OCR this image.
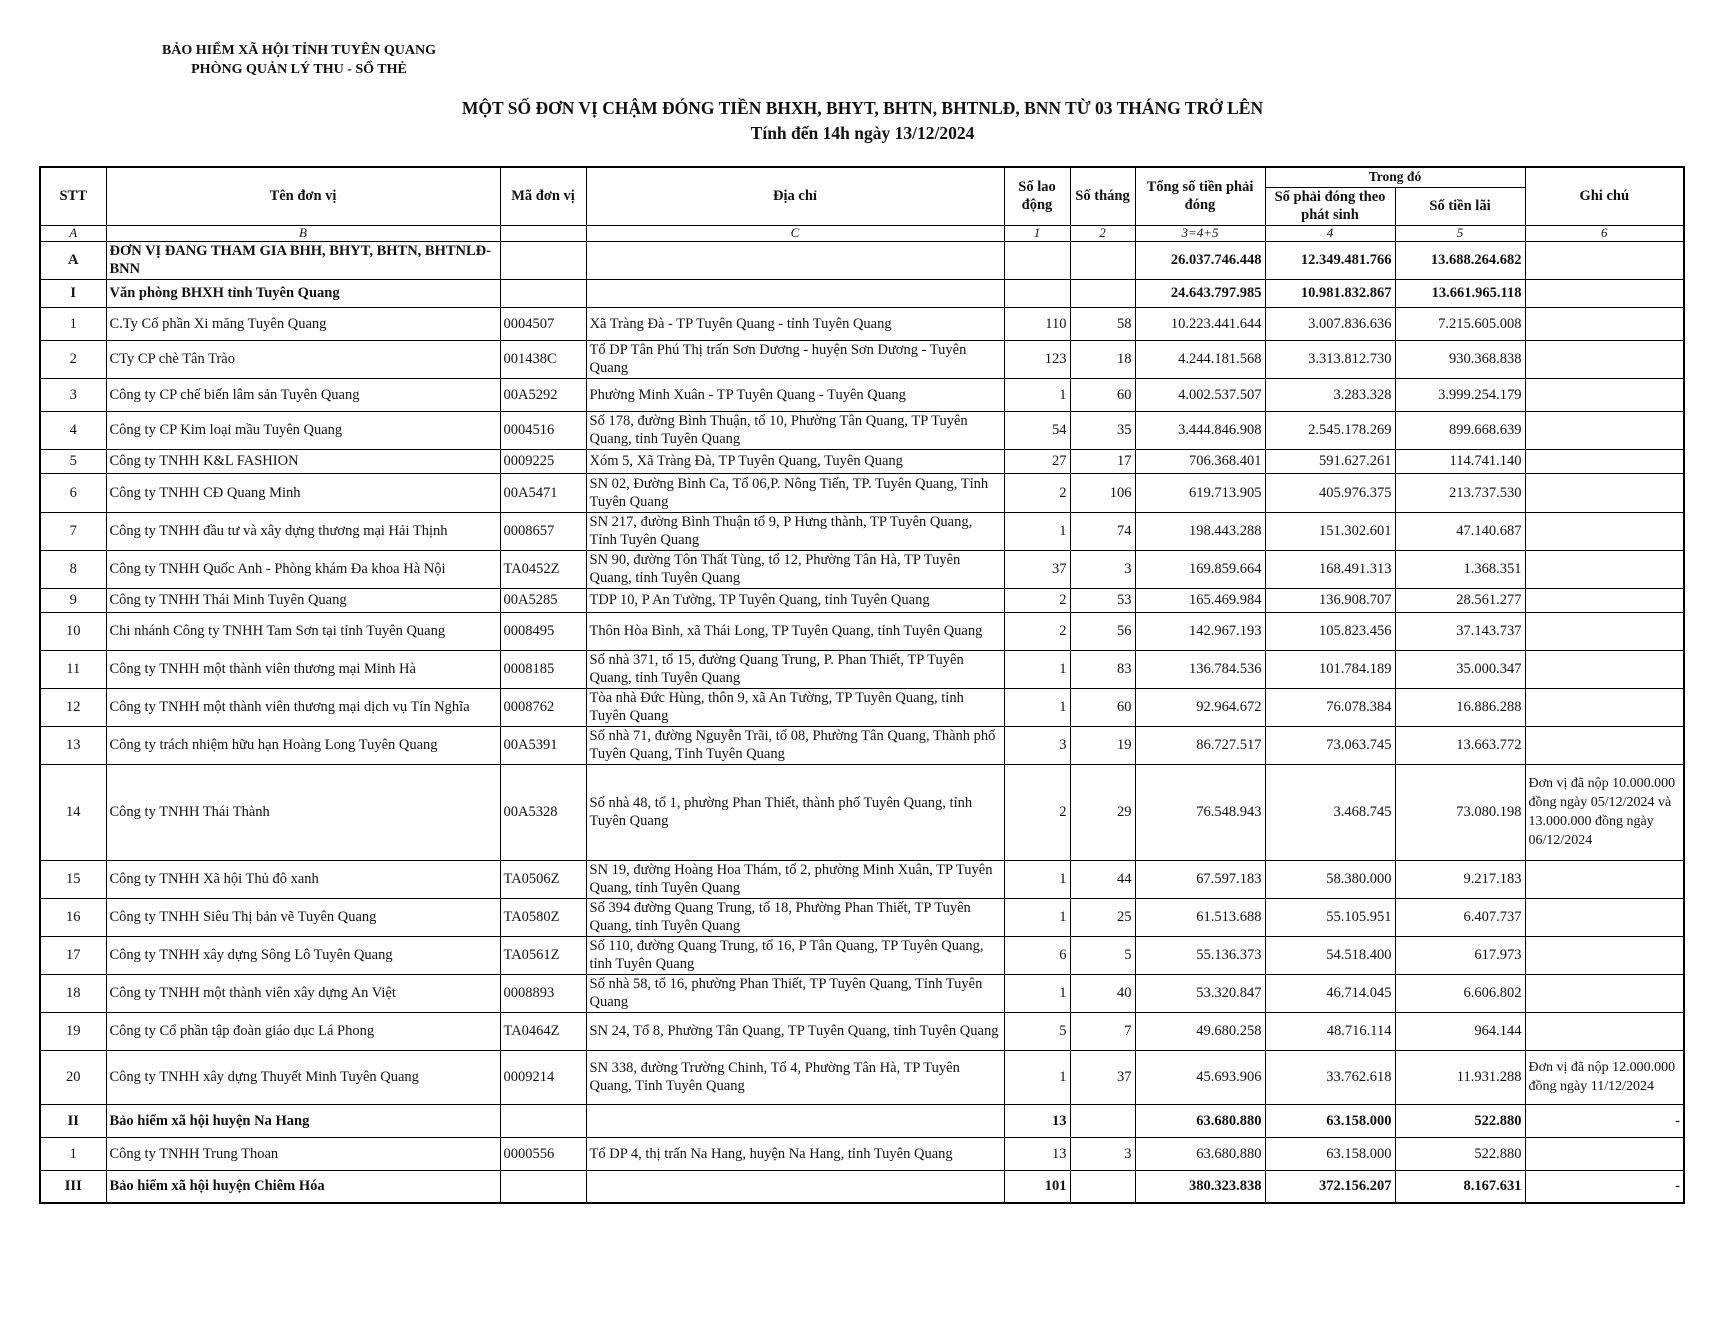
BẢO HIỂM XÃ HỘI TỈNH TUYÊN QUANG
PHÒNG QUẢN LÝ THU - SỔ THẺ
MỘT SỐ ĐƠN VỊ CHẬM ĐÓNG TIỀN BHXH, BHYT, BHTN, BHTNLĐ, BNN TỪ 03 THÁNG TRỞ LÊN
Tính đến 14h ngày 13/12/2024
STT	Tên đơn vị	Mã đơn vị	Địa chỉ	Số lao động	Số tháng	Tổng số tiền phải đóng	Trong đó		Ghi chú
							Số phải đóng theo phát sinh	Số tiền lãi	
A	B		C	1	2	3=4+5	4	5	6
A	ĐƠN VỊ ĐANG THAM GIA BHH, BHYT, BHTN, BHTNLĐ-BNN					26.037.746.448	12.349.481.766	13.688.264.682	
I	Văn phòng BHXH tỉnh Tuyên Quang					24.643.797.985	10.981.832.867	13.661.965.118	
1	C.Ty Cổ phần Xi măng Tuyên Quang	0004507	Xã Tràng Đà - TP Tuyên Quang - tỉnh Tuyên Quang	110	58	10.223.441.644	3.007.836.636	7.215.605.008	
2	CTy CP chè Tân Trào	001438C	Tổ DP Tân Phú Thị trấn Sơn Dương - huyện Sơn Dương - Tuyên Quang	123	18	4.244.181.568	3.313.812.730	930.368.838	
3	Công ty CP chế biến lâm sản Tuyên Quang	00A5292	Phường Minh Xuân - TP Tuyên Quang - Tuyên Quang	1	60	4.002.537.507	3.283.328	3.999.254.179	
4	Công ty CP Kim loại mầu Tuyên Quang	0004516	Số 178, đường Bình Thuận, tổ 10, Phường Tân Quang, TP Tuyên Quang, tỉnh Tuyên Quang	54	35	3.444.846.908	2.545.178.269	899.668.639	
5	Công ty TNHH K&L FASHION	0009225	Xóm 5, Xã Tràng Đà, TP Tuyên Quang, Tuyên Quang	27	17	706.368.401	591.627.261	114.741.140	
6	Công ty TNHH CĐ Quang Minh	00A5471	SN 02, Đường Bình Ca, Tổ 06,P. Nông Tiến, TP. Tuyên Quang, Tỉnh Tuyên Quang	2	106	619.713.905	405.976.375	213.737.530	
7	Công ty TNHH đầu tư và xây dựng thương mại Hải Thịnh	0008657	SN 217, đường Bình Thuận tổ 9, P Hưng thành, TP Tuyên Quang, Tỉnh Tuyên Quang	1	74	198.443.288	151.302.601	47.140.687	
8	Công ty TNHH Quốc Anh - Phòng khám Đa khoa Hà Nội	TA0452Z	SN 90, đường Tôn Thất Tùng, tổ 12, Phường Tân Hà, TP Tuyên Quang, tỉnh Tuyên Quang	37	3	169.859.664	168.491.313	1.368.351	
9	Công ty TNHH Thái Minh Tuyên Quang	00A5285	TDP 10, P An Tường, TP Tuyên Quang, tỉnh Tuyên Quang	2	53	165.469.984	136.908.707	28.561.277	
10	Chi nhánh Công ty TNHH Tam Sơn tại tỉnh Tuyên Quang	0008495	Thôn Hòa Bình, xã Thái Long, TP Tuyên Quang, tỉnh Tuyên Quang	2	56	142.967.193	105.823.456	37.143.737	
11	Công ty TNHH một thành viên thương mại Minh Hà	0008185	Số nhà 371, tổ 15, đường Quang Trung, P. Phan Thiết, TP Tuyên Quang, tỉnh Tuyên Quang	1	83	136.784.536	101.784.189	35.000.347	
12	Công ty TNHH một thành viên thương mại dịch vụ Tín Nghĩa	0008762	Tòa nhà Đức Hùng, thôn 9, xã An Tường, TP Tuyên Quang, tỉnh Tuyên Quang	1	60	92.964.672	76.078.384	16.886.288	
13	Công ty trách nhiệm hữu hạn Hoàng Long Tuyên Quang	00A5391	Số nhà 71, đường Nguyễn Trãi, tổ 08, Phường Tân Quang, Thành phố Tuyên Quang, Tỉnh Tuyên Quang	3	19	86.727.517	73.063.745	13.663.772	
14	Công ty TNHH Thái Thành	00A5328	Số nhà 48, tổ 1, phường Phan Thiết, thành phố Tuyên Quang, tỉnh Tuyên Quang	2	29	76.548.943	3.468.745	73.080.198	Đơn vị đã nộp 10.000.000 đồng ngày 05/12/2024 và 13.000.000 đồng ngày 06/12/2024
15	Công ty TNHH Xã hội Thủ đô xanh	TA0506Z	SN 19, đường Hoàng Hoa Thám, tổ 2, phường Minh Xuân, TP Tuyên Quang, tỉnh Tuyên Quang	1	44	67.597.183	58.380.000	9.217.183	
16	Công ty TNHH Siêu Thị bản vẽ Tuyên Quang	TA0580Z	Số 394 đường Quang Trung, tổ 18, Phường Phan Thiết, TP Tuyên Quang, tỉnh Tuyên Quang	1	25	61.513.688	55.105.951	6.407.737	
17	Công ty TNHH xây dựng Sông Lô Tuyên Quang	TA0561Z	Số 110, đường Quang Trung, tổ 16, P Tân Quang, TP Tuyên Quang, tỉnh Tuyên Quang	6	5	55.136.373	54.518.400	617.973	
18	Công ty TNHH một thành viên xây dựng An Việt	0008893	Số nhà 58, tổ 16, phường Phan Thiết, TP Tuyên Quang, Tỉnh Tuyên Quang	1	40	53.320.847	46.714.045	6.606.802	
19	Công ty Cổ phần tập đoàn giáo dục Lá Phong	TA0464Z	SN 24, Tổ 8, Phường Tân Quang, TP Tuyên Quang, tỉnh Tuyên Quang	5	7	49.680.258	48.716.114	964.144	
20	Công ty TNHH xây dựng Thuyết Minh Tuyên Quang	0009214	SN 338, đường Trường Chinh, Tổ 4, Phường Tân Hà, TP Tuyên Quang, Tỉnh Tuyên Quang	1	37	45.693.906	33.762.618	11.931.288	Đơn vị đã nộp 12.000.000 đồng ngày 11/12/2024
II	Bảo hiểm xã hội huyện Na Hang			13		63.680.880	63.158.000	522.880	-
1	Công ty TNHH Trung Thoan	0000556	Tổ DP 4, thị trấn Na Hang, huyện Na Hang, tỉnh Tuyên Quang	13	3	63.680.880	63.158.000	522.880	
III	Bảo hiểm xã hội huyện Chiêm Hóa			101		380.323.838	372.156.207	8.167.631	-
